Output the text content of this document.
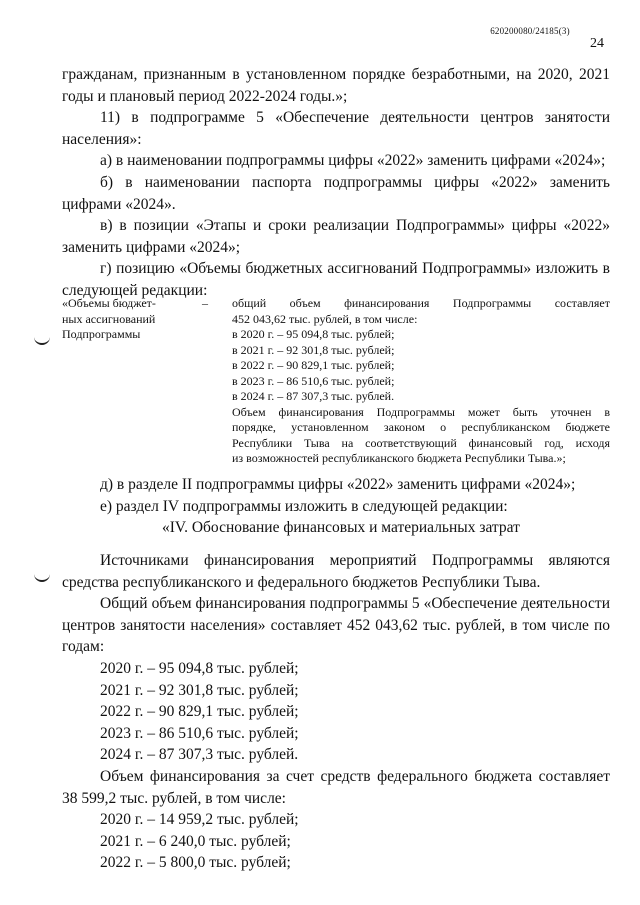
620200080/24185(3)
24

гражданам, признанным в установленном порядке безработными, на 2020, 2021 годы и плановый период 2022-2024 годы.»;

11) в подпрограмме 5 «Обеспечение деятельности центров занятости населения»:

а) в наименовании подпрограммы цифры «2022» заменить цифрами «2024»;

б) в наименовании паспорта подпрограммы цифры «2022» заменить цифрами «2024».

в) в позиции «Этапы и сроки реализации Подпрограммы» цифры «2022» заменить цифрами «2024»;

г) позицию «Объемы бюджетных ассигнований Подпрограммы» изложить в следующей редакции:

«Объемы бюджет-
ных ассигнований
Подпрограммы
– общий объем финансирования Подпрограммы составляет
452 043,62 тыс. рублей, в том числе:
в 2020 г. – 95 094,8 тыс. рублей;
в 2021 г. – 92 301,8 тыс. рублей;
в 2022 г. – 90 829,1 тыс. рублей;
в 2023 г. – 86 510,6 тыс. рублей;
в 2024 г. – 87 307,3 тыс. рублей.
Объем финансирования Подпрограммы может быть уточнен в
порядке, установленном законом о республиканском бюджете
Республики Тыва на соответствующий финансовый год, исходя
из возможностей республиканского бюджета Республики Тыва.»;

д) в разделе II подпрограммы цифры «2022» заменить цифрами «2024»;

е) раздел IV подпрограммы изложить в следующей редакции:

«IV. Обоснование финансовых и материальных затрат

Источниками финансирования мероприятий Подпрограммы являются средства республиканского и федерального бюджетов Республики Тыва.

Общий объем финансирования подпрограммы 5 «Обеспечение деятельности центров занятости населения» составляет 452 043,62 тыс. рублей, в том числе по годам:

2020 г. – 95 094,8 тыс. рублей;

2021 г. – 92 301,8 тыс. рублей;

2022 г. – 90 829,1 тыс. рублей;

2023 г. – 86 510,6 тыс. рублей;

2024 г. – 87 307,3 тыс. рублей.

Объем финансирования за счет средств федерального бюджета составляет 38 599,2 тыс. рублей, в том числе:

2020 г. – 14 959,2 тыс. рублей;

2021 г. – 6 240,0 тыс. рублей;

2022 г. – 5 800,0 тыс. рублей;
